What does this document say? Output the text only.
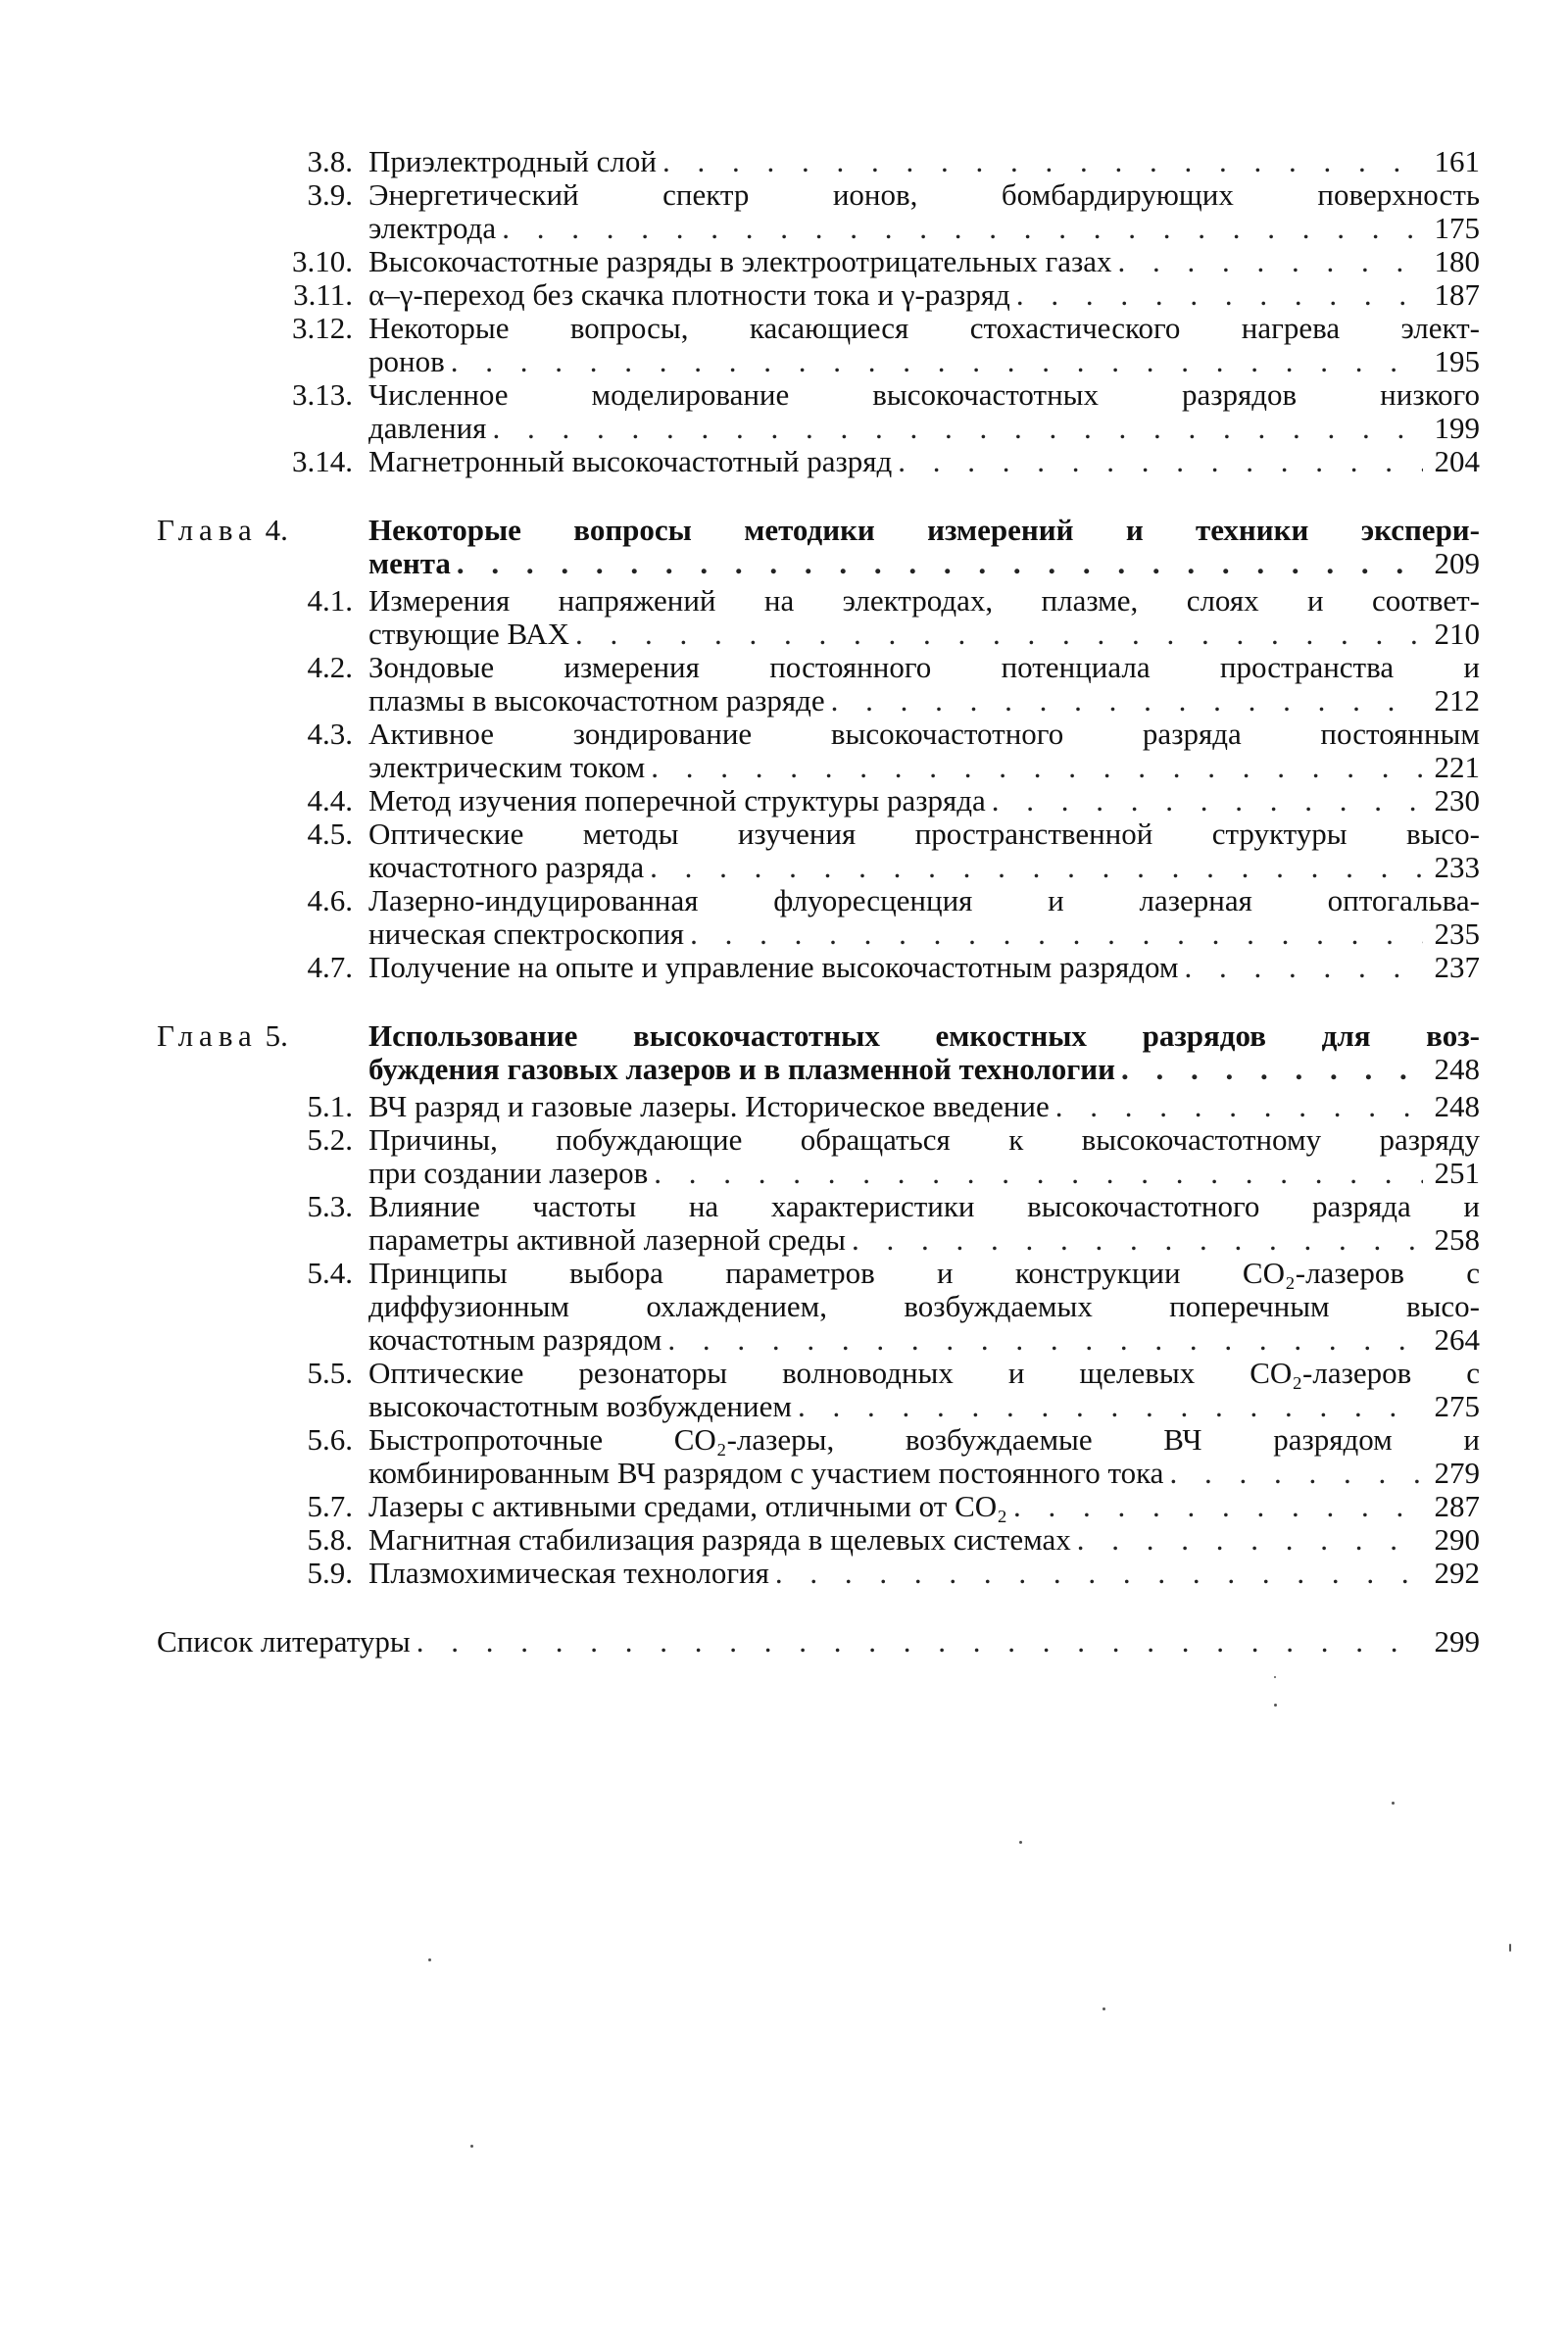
3.8. Приэлектродный слой . . .	161
3.9. Энергетический спектр ионов, бомбардирующих поверхность
электрода . . .	175
3.10. Высокочастотные разряды в электроотрицательных газах . . .	180
3.11. α–γ-переход без скачка плотности тока и γ-разряд . . .	187
3.12. Некоторые вопросы, касающиеся стохастического нагрева элект-
ронов . . .	195
3.13. Численное моделирование высокочастотных разрядов низкого
давления . . .	199
3.14. Магнетронный высокочастотный разряд . . .	204
Глава 4.	Некоторые вопросы методики измерений и техники экспери-
мента . . .	209
4.1. Измерения напряжений на электродах, плазме, слоях и соответ-
ствующие ВАХ . . .	210
4.2. Зондовые измерения постоянного потенциала пространства и
плазмы в высокочастотном разряде . . .	212
4.3. Активное зондирование высокочастотного разряда постоянным
электрическим током . . .	221
4.4. Метод изучения поперечной структуры разряда . . .	230
4.5. Оптические методы изучения пространственной структуры высо-
кочастотного разряда . . .	233
4.6. Лазерно-индуцированная флуоресценция и лазерная оптогальва-
ническая спектроскопия . . .	235
4.7. Получение на опыте и управление высокочастотным разрядом . . .	237
Глава 5.	Использование высокочастотных емкостных разрядов для воз-
буждения газовых лазеров и в плазменной технологии . . .	248
5.1. ВЧ разряд и газовые лазеры. Историческое введение . . .	248
5.2. Причины, побуждающие обращаться к высокочастотному разряду
при создании лазеров . . .	251
5.3. Влияние частоты на характеристики высокочастотного разряда и
параметры активной лазерной среды . . .	258
5.4. Принципы выбора параметров и конструкции CO₂-лазеров с
диффузионным охлаждением, возбуждаемых поперечным высо-
кочастотным разрядом . . .	264
5.5. Оптические резонаторы волноводных и щелевых CO₂-лазеров с
высокочастотным возбуждением . . .	275
5.6. Быстропроточные CO₂-лазеры, возбуждаемые ВЧ разрядом и
комбинированным ВЧ разрядом с участием постоянного тока . . .	279
5.7. Лазеры с активными средами, отличными от CO₂ . . .	287
5.8. Магнитная стабилизация разряда в щелевых системах . . .	290
5.9. Плазмохимическая технология . . .	292
Список литературы . . .	299
